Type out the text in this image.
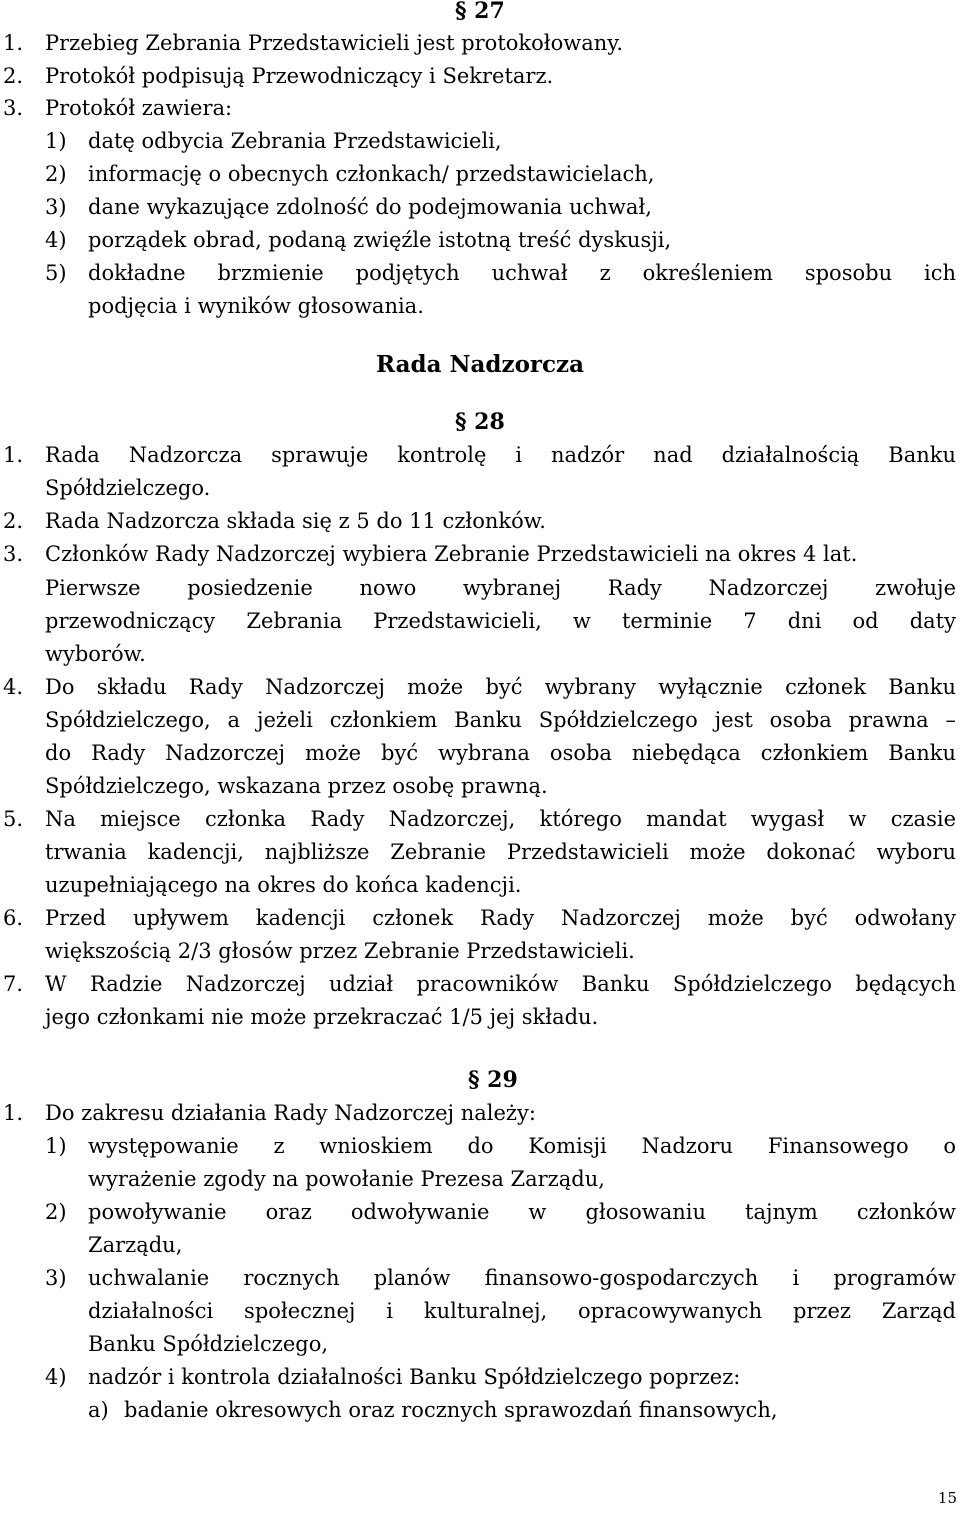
§ 27
1. Przebieg Zebrania Przedstawicieli jest protokołowany.
2. Protokół podpisują Przewodniczący i Sekretarz.
3. Protokół zawiera:
1) datę odbycia Zebrania Przedstawicieli,
2) informację o obecnych członkach/ przedstawicielach,
3) dane wykazujące zdolność do podejmowania uchwał,
4) porządek obrad, podaną zwięźle istotną treść dyskusji,
5) dokładne brzmienie podjętych uchwał z określeniem sposobu ich
podjęcia i wyników głosowania.
Rada Nadzorcza
§ 28
1. Rada Nadzorcza sprawuje kontrolę i nadzór nad działalnością Banku
Spółdzielczego.
2. Rada Nadzorcza składa się z 5 do 11 członków.
3. Członków Rady Nadzorczej wybiera Zebranie Przedstawicieli na okres 4 lat.
Pierwsze posiedzenie nowo wybranej Rady Nadzorczej zwołuje
przewodniczący Zebrania Przedstawicieli, w terminie 7 dni od daty
wyborów.
4. Do składu Rady Nadzorczej może być wybrany wyłącznie członek Banku
Spółdzielczego, a jeżeli członkiem Banku Spółdzielczego jest osoba prawna –
do Rady Nadzorczej może być wybrana osoba niebędąca członkiem Banku
Spółdzielczego, wskazana przez osobę prawną.
5. Na miejsce członka Rady Nadzorczej, którego mandat wygasł w czasie
trwania kadencji, najbliższe Zebranie Przedstawicieli może dokonać wyboru
uzupełniającego na okres do końca kadencji.
6. Przed upływem kadencji członek Rady Nadzorczej może być odwołany
większością 2/3 głosów przez Zebranie Przedstawicieli.
7. W Radzie Nadzorczej udział pracowników Banku Spółdzielczego będących
jego członkami nie może przekraczać 1/5 jej składu.
§ 29
1. Do zakresu działania Rady Nadzorczej należy:
1) występowanie z wnioskiem do Komisji Nadzoru Finansowego o
wyrażenie zgody na powołanie Prezesa Zarządu,
2) powoływanie oraz odwoływanie w głosowaniu tajnym członków
Zarządu,
3) uchwalanie rocznych planów finansowo-gospodarczych i programów
działalności społecznej i kulturalnej, opracowywanych przez Zarząd
Banku Spółdzielczego,
4) nadzór i kontrola działalności Banku Spółdzielczego poprzez:
a) badanie okresowych oraz rocznych sprawozdań finansowych,
15
